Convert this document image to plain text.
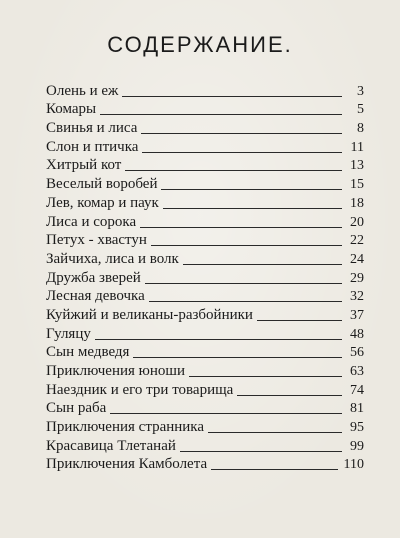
СОДЕРЖАНИЕ.
Олень и еж	3
Комары	5
Свинья и лиса	8
Слон и птичка	11
Хитрый кот	13
Веселый воробей	15
Лев, комар и паук	18
Лиса и сорока	20
Петух - хвастун	22
Зайчиха, лиса и волк	24
Дружба зверей	29
Лесная девочка	32
Куйжий и великаны-разбойники	37
Гуляцу	48
Сын медведя	56
Приключения юноши	63
Наездник и его три товарища	74
Сын раба	81
Приключения странника	95
Красавица Тлетанай	99
Приключения Камболета	110
